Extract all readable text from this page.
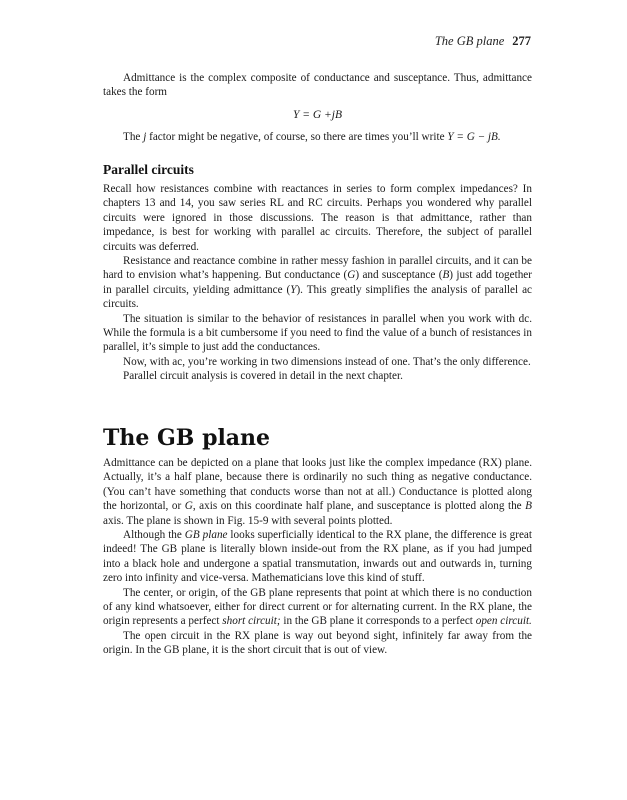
The GB plane 277

Admittance is the complex composite of conductance and susceptance. Thus, admittance takes the form

Y = G +jB

The j factor might be negative, of course, so there are times you’ll write Y = G − jB.

Parallel circuits

Recall how resistances combine with reactances in series to form complex impedances? In chapters 13 and 14, you saw series RL and RC circuits. Perhaps you wondered why parallel circuits were ignored in those discussions. The reason is that admittance, rather than impedance, is best for working with parallel ac circuits. Therefore, the subject of parallel circuits was deferred.

Resistance and reactance combine in rather messy fashion in parallel circuits, and it can be hard to envision what’s happening. But conductance (G) and susceptance (B) just add together in parallel circuits, yielding admittance (Y). This greatly simplifies the analysis of parallel ac circuits.

The situation is similar to the behavior of resistances in parallel when you work with dc. While the formula is a bit cumbersome if you need to find the value of a bunch of resistances in parallel, it’s simple to just add the conductances.

Now, with ac, you’re working in two dimensions instead of one. That’s the only difference.

Parallel circuit analysis is covered in detail in the next chapter.

The GB plane

Admittance can be depicted on a plane that looks just like the complex impedance (RX) plane. Actually, it’s a half plane, because there is ordinarily no such thing as negative conductance. (You can’t have something that conducts worse than not at all.) Conductance is plotted along the horizontal, or G, axis on this coordinate half plane, and susceptance is plotted along the B axis. The plane is shown in Fig. 15-9 with several points plotted.

Although the GB plane looks superficially identical to the RX plane, the difference is great indeed! The GB plane is literally blown inside-out from the RX plane, as if you had jumped into a black hole and undergone a spatial transmutation, inwards out and outwards in, turning zero into infinity and vice-versa. Mathematicians love this kind of stuff.

The center, or origin, of the GB plane represents that point at which there is no conduction of any kind whatsoever, either for direct current or for alternating current. In the RX plane, the origin represents a perfect short circuit; in the GB plane it corresponds to a perfect open circuit.

The open circuit in the RX plane is way out beyond sight, infinitely far away from the origin. In the GB plane, it is the short circuit that is out of view.
